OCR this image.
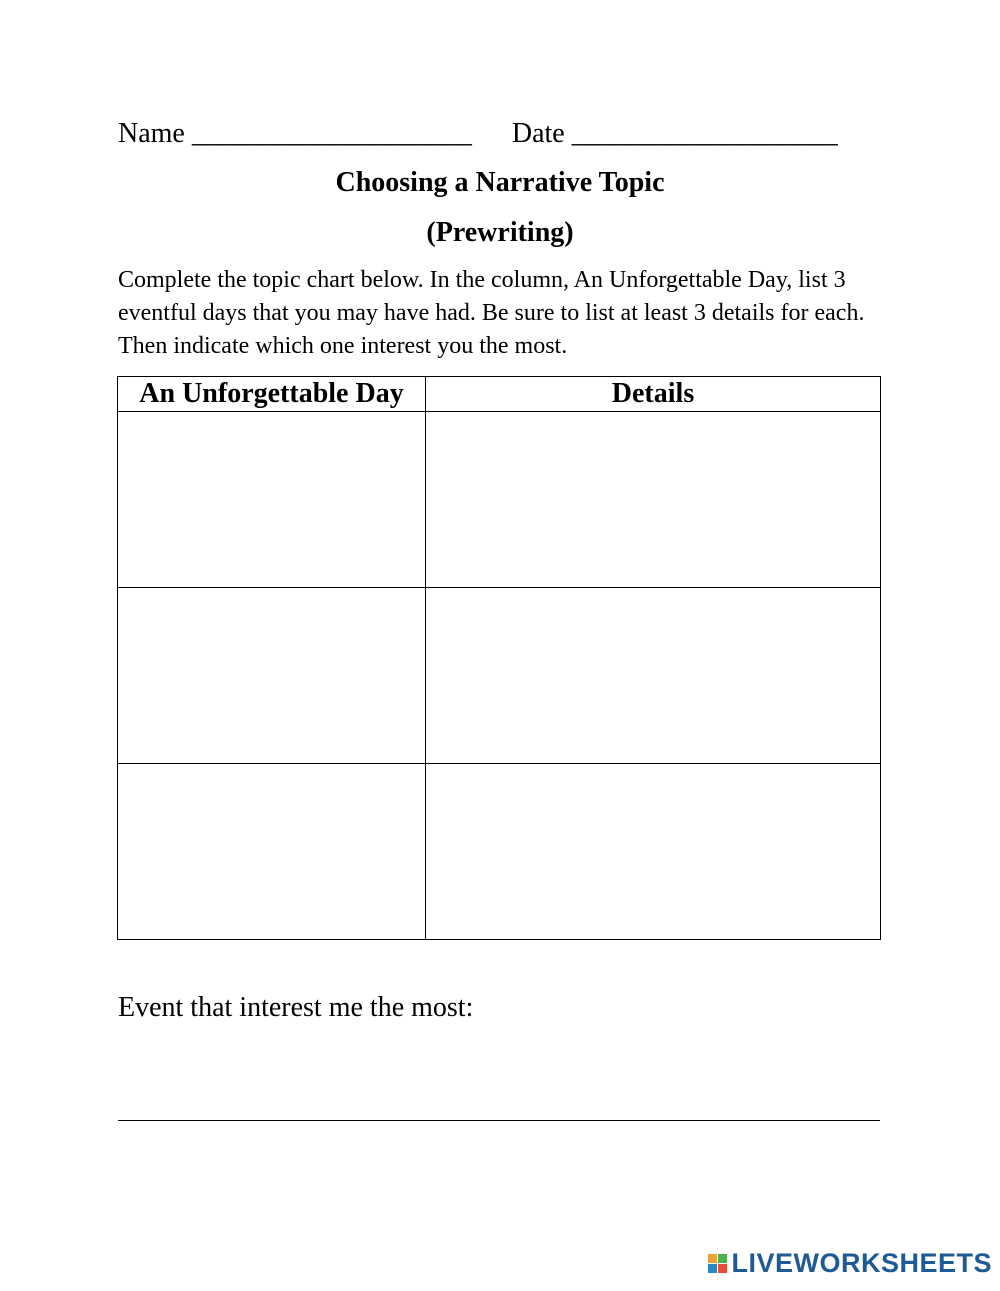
Name ____________________ Date ___________________
Choosing a Narrative Topic
(Prewriting)
Complete the topic chart below. In the column, An Unforgettable Day, list 3 eventful days that you may have had. Be sure to list at least 3 details for each. Then indicate which one interest you the most.
An Unforgettable Day	Details

Event that interest me the most:
LIVEWORKSHEETS
